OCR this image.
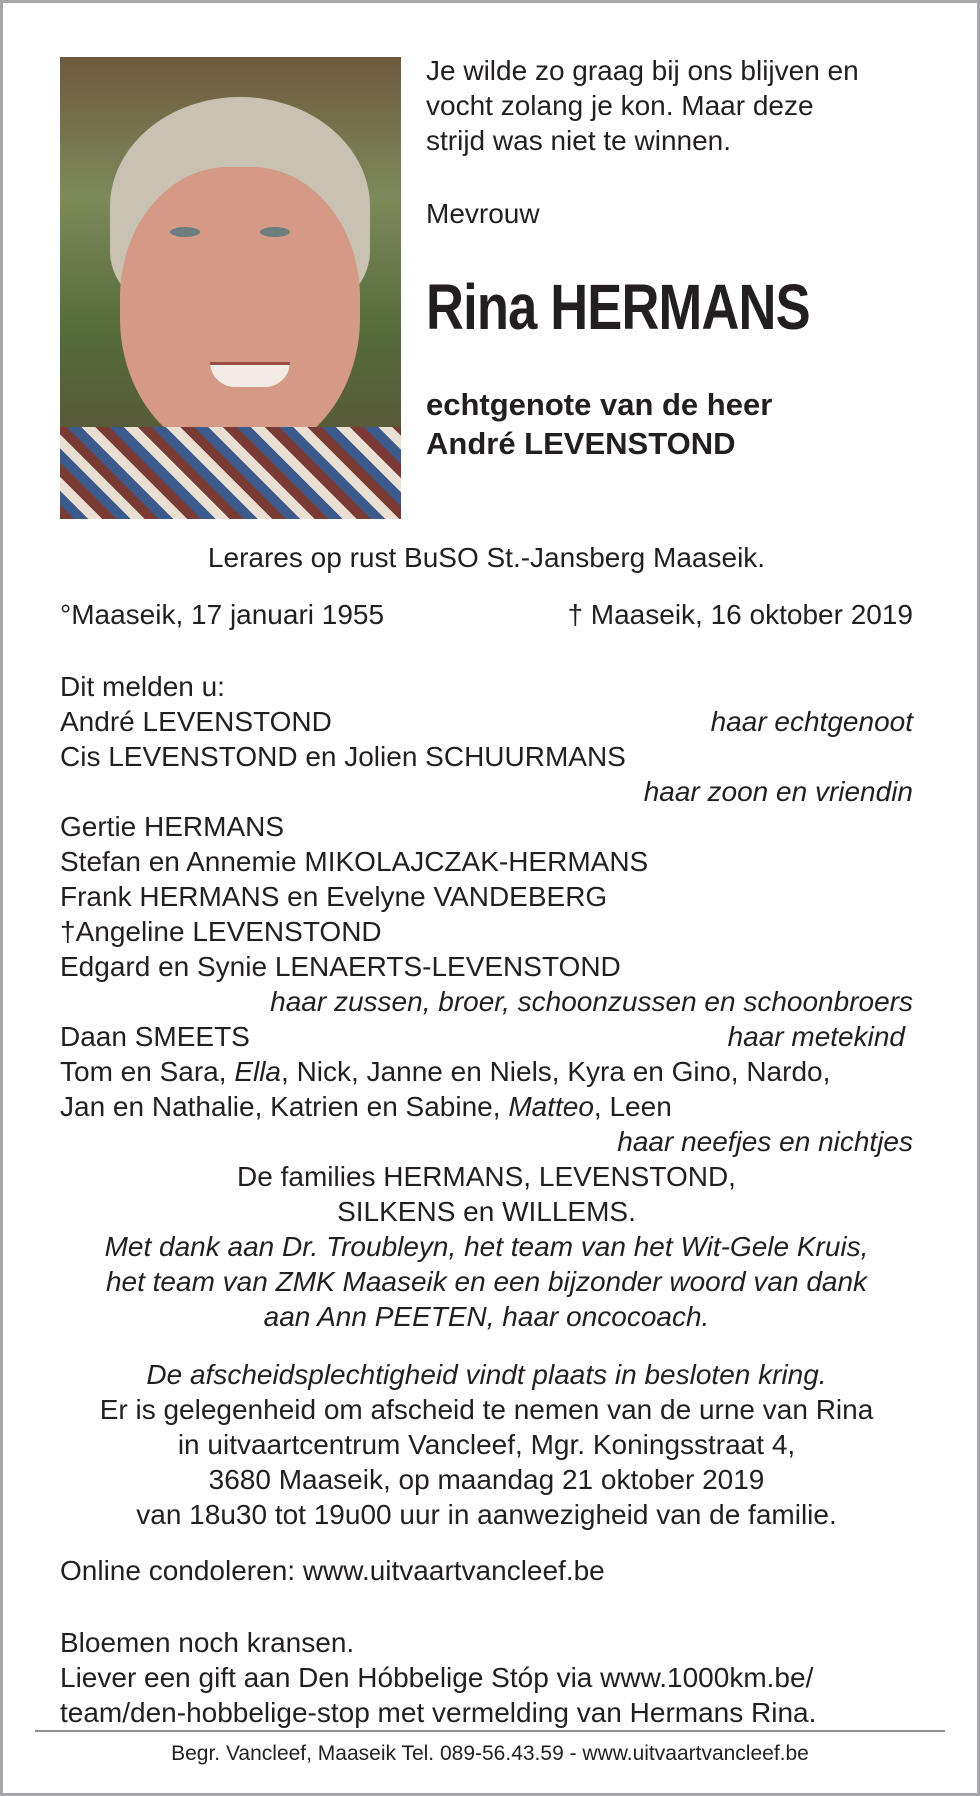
Je wilde zo graag bij ons blijven en
vocht zolang je kon. Maar deze
strijd was niet te winnen.
Mevrouw
Rina HERMANS
echtgenote van de heer
André LEVENSTOND
Lerares op rust BuSO St.-Jansberg Maaseik.
°Maaseik, 17 januari 1955	† Maaseik, 16 oktober 2019
Dit melden u:
André LEVENSTOND	haar echtgenoot
Cis LEVENSTOND en Jolien SCHUURMANS
haar zoon en vriendin
Gertie HERMANS
Stefan en Annemie MIKOLAJCZAK-HERMANS
Frank HERMANS en Evelyne VANDEBERG
†Angeline LEVENSTOND
Edgard en Synie LENAERTS-LEVENSTOND
haar zussen, broer, schoonzussen en schoonbroers
Daan SMEETS	haar metekind
Tom en Sara, Ella, Nick, Janne en Niels, Kyra en Gino, Nardo,
Jan en Nathalie, Katrien en Sabine, Matteo, Leen
haar neefjes en nichtjes
De families HERMANS, LEVENSTOND,
SILKENS en WILLEMS.
Met dank aan Dr. Troubleyn, het team van het Wit-Gele Kruis,
het team van ZMK Maaseik en een bijzonder woord van dank
aan Ann PEETEN, haar oncocoach.
De afscheidsplechtigheid vindt plaats in besloten kring.
Er is gelegenheid om afscheid te nemen van de urne van Rina
in uitvaartcentrum Vancleef, Mgr. Koningsstraat 4,
3680 Maaseik, op maandag 21 oktober 2019
van 18u30 tot 19u00 uur in aanwezigheid van de familie.
Online condoleren: www.uitvaartvancleef.be
Bloemen noch kransen.
Liever een gift aan Den Hóbbelige Stóp via www.1000km.be/
team/den-hobbelige-stop met vermelding van Hermans Rina.
Begr. Vancleef, Maaseik Tel. 089-56.43.59 - www.uitvaartvancleef.be
